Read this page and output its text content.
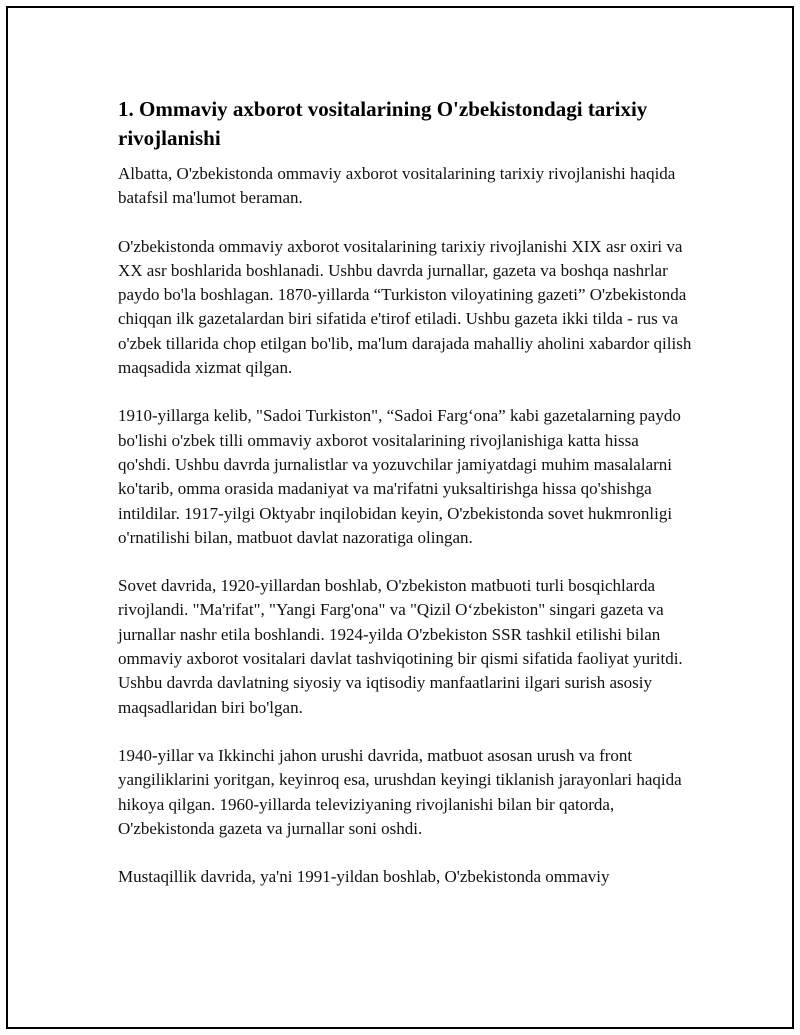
1. Ommaviy axborot vositalarining O'zbekistondagi tarixiy rivojlanishi

Albatta, O'zbekistonda ommaviy axborot vositalarining tarixiy rivojlanishi haqida batafsil ma'lumot beraman.

O'zbekistonda ommaviy axborot vositalarining tarixiy rivojlanishi XIX asr oxiri va XX asr boshlarida boshlanadi. Ushbu davrda jurnallar, gazeta va boshqa nashrlar paydo bo'la boshlagan. 1870-yillarda “Turkiston viloyatining gazeti” O'zbekistonda chiqqan ilk gazetalardan biri sifatida e'tirof etiladi. Ushbu gazeta ikki tilda - rus va o'zbek tillarida chop etilgan bo'lib, ma'lum darajada mahalliy aholini xabardor qilish maqsadida xizmat qilgan.

1910-yillarga kelib, "Sadoi Turkiston", “Sadoi Farg‘ona” kabi gazetalarning paydo bo'lishi o'zbek tilli ommaviy axborot vositalarining rivojlanishiga katta hissa qo'shdi. Ushbu davrda jurnalistlar va yozuvchilar jamiyatdagi muhim masalalarni ko'tarib, omma orasida madaniyat va ma'rifatni yuksaltirishga hissa qo'shishga intildilar. 1917-yilgi Oktyabr inqilobidan keyin, O'zbekistonda sovet hukmronligi o'rnatilishi bilan, matbuot davlat nazoratiga olingan.

Sovet davrida, 1920-yillardan boshlab, O'zbekiston matbuoti turli bosqichlarda rivojlandi. "Ma'rifat", "Yangi Farg'ona" va "Qizil O‘zbekiston" singari gazeta va jurnallar nashr etila boshlandi. 1924-yilda O'zbekiston SSR tashkil etilishi bilan ommaviy axborot vositalari davlat tashviqotining bir qismi sifatida faoliyat yuritdi. Ushbu davrda davlatning siyosiy va iqtisodiy manfaatlarini ilgari surish asosiy maqsadlaridan biri bo'lgan.

1940-yillar va Ikkinchi jahon urushi davrida, matbuot asosan urush va front yangiliklarini yoritgan, keyinroq esa, urushdan keyingi tiklanish jarayonlari haqida hikoya qilgan. 1960-yillarda televiziyaning rivojlanishi bilan bir qatorda, O'zbekistonda gazeta va jurnallar soni oshdi.

Mustaqillik davrida, ya'ni 1991-yildan boshlab, O'zbekistonda ommaviy
